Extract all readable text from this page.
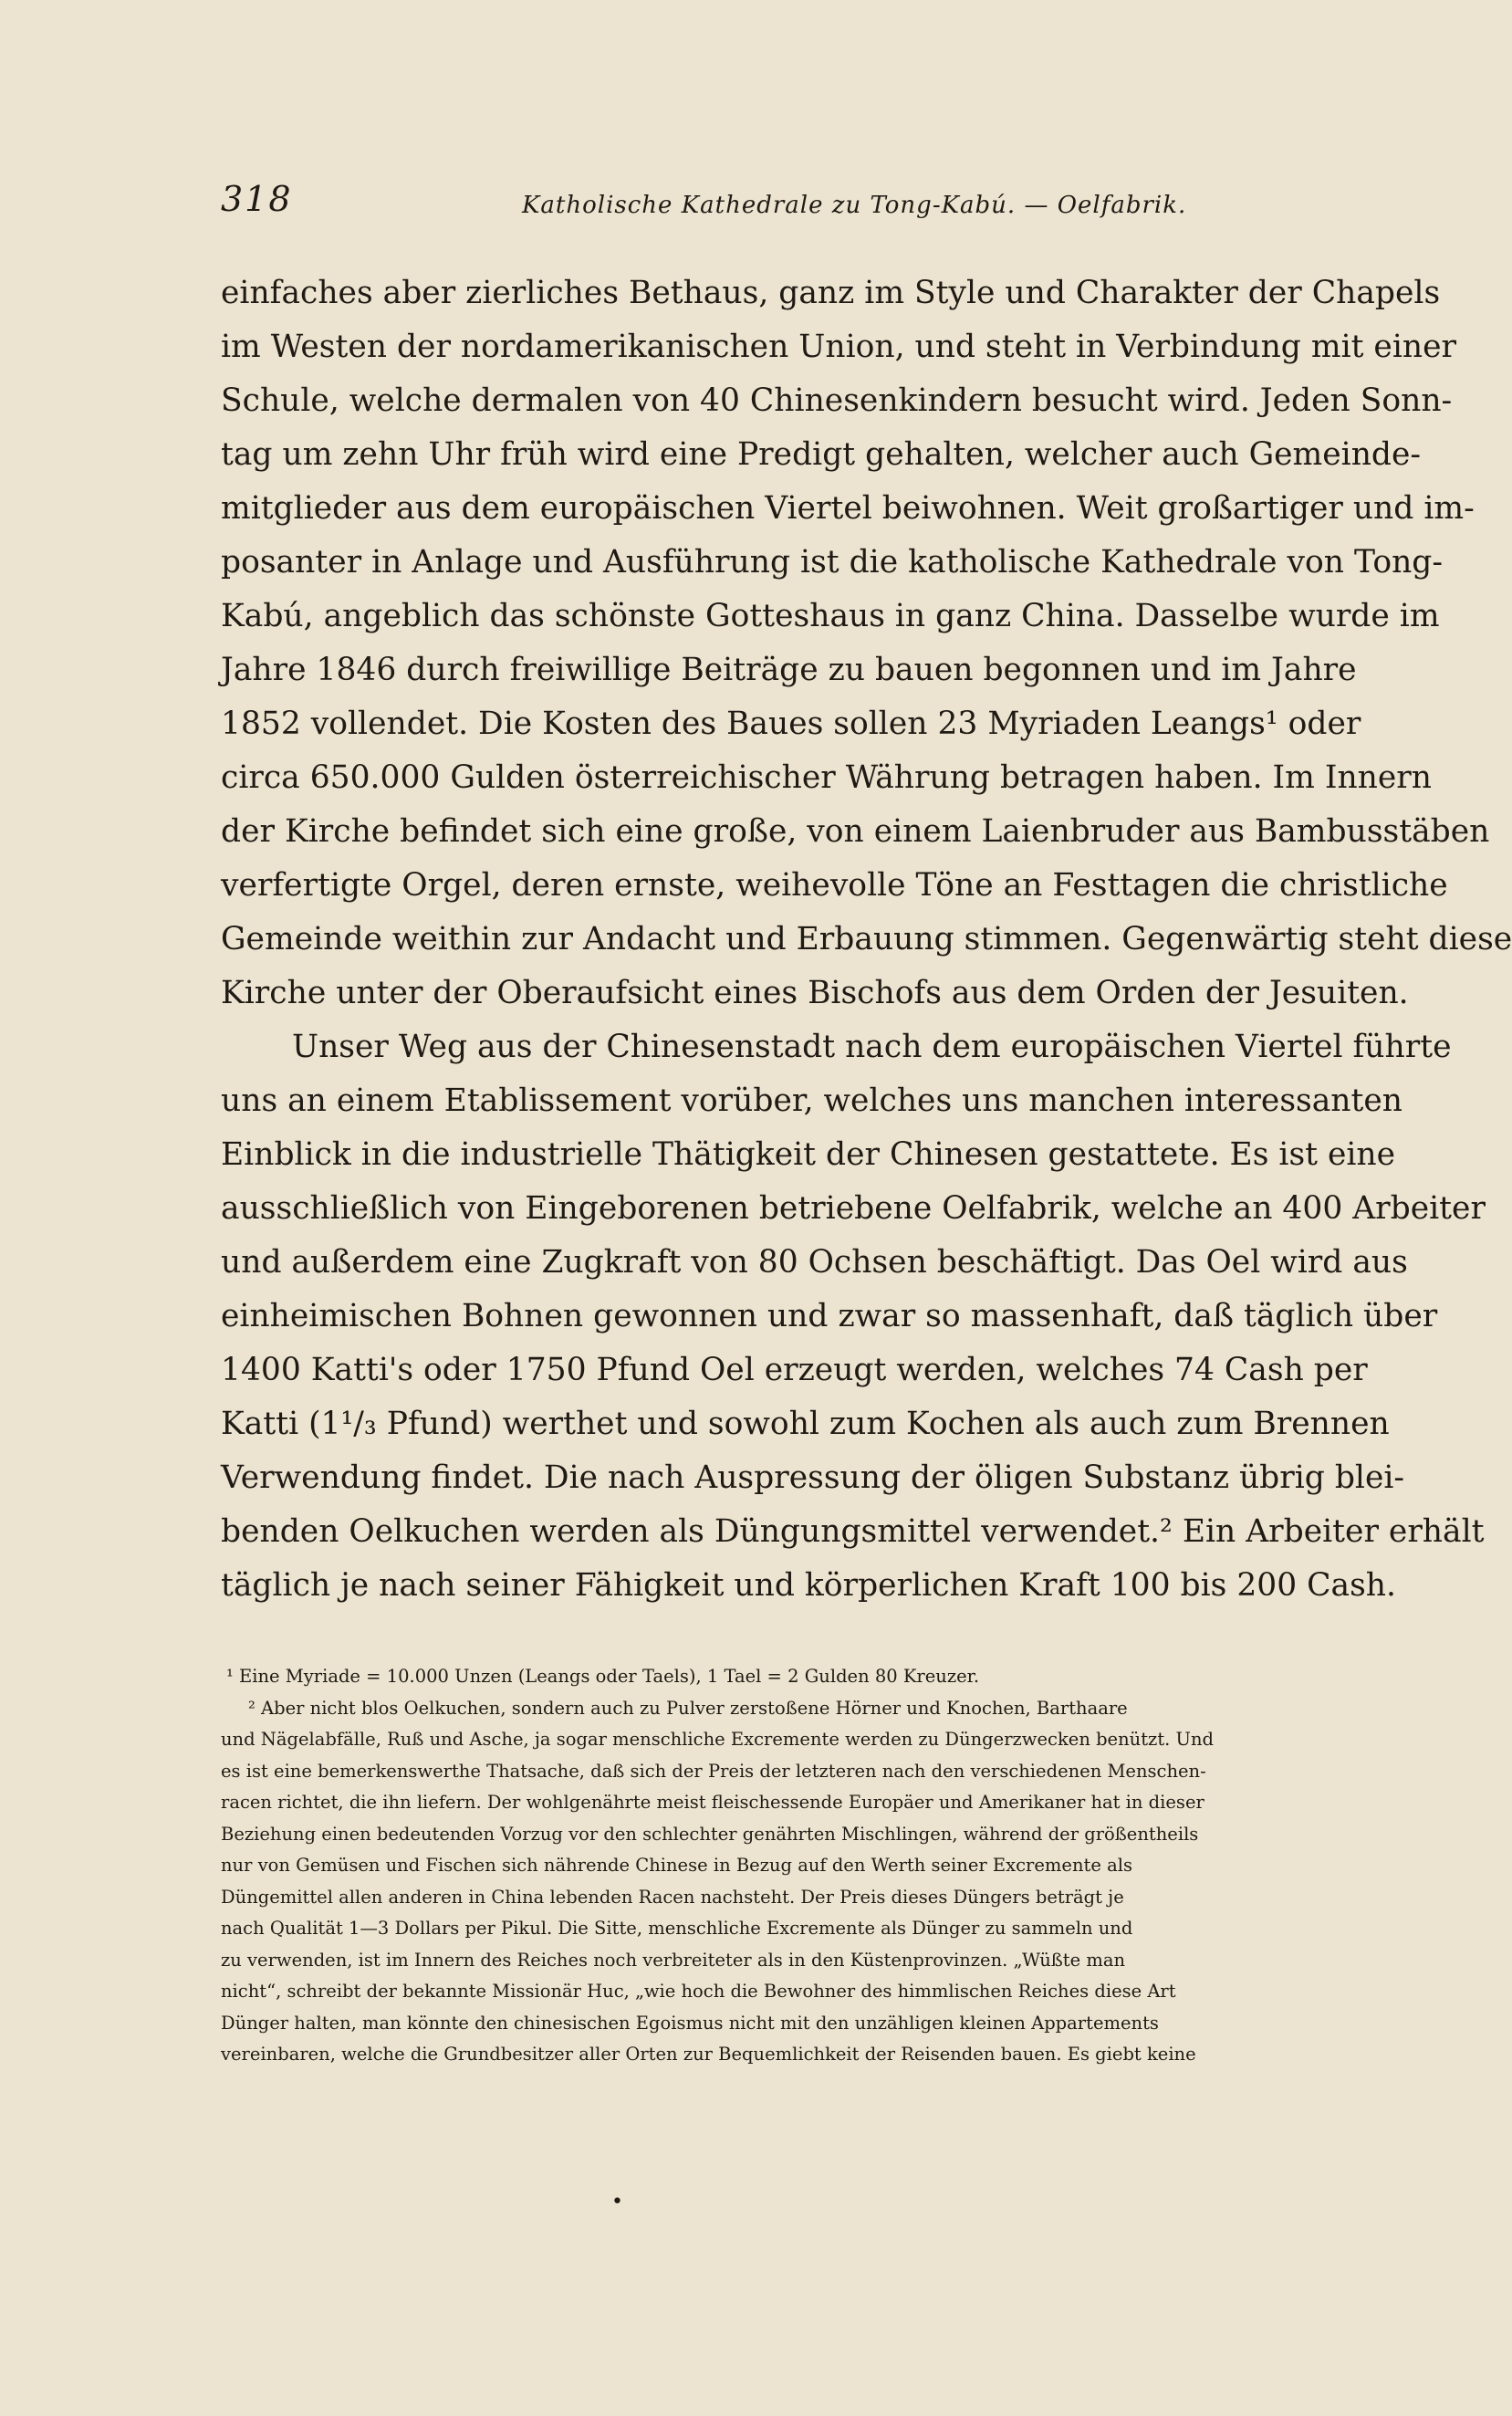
318	Katholische Kathedrale zu Tong-Kabú. — Oelfabrik.
einfaches aber zierliches Bethaus, ganz im Style und Charakter der Chapels
im Westen der nordamerikanischen Union, und steht in Verbindung mit einer
Schule, welche dermalen von 40 Chinesenkindern besucht wird. Jeden Sonn-
tag um zehn Uhr früh wird eine Predigt gehalten, welcher auch Gemeinde-
mitglieder aus dem europäischen Viertel beiwohnen. Weit großartiger und im-
posanter in Anlage und Ausführung ist die katholische Kathedrale von Tong-
Kabú, angeblich das schönste Gotteshaus in ganz China. Dasselbe wurde im
Jahre 1846 durch freiwillige Beiträge zu bauen begonnen und im Jahre
1852 vollendet. Die Kosten des Baues sollen 23 Myriaden Leangs¹ oder
circa 650.000 Gulden österreichischer Währung betragen haben. Im Innern
der Kirche befindet sich eine große, von einem Laienbruder aus Bambusstäben
verfertigte Orgel, deren ernste, weihevolle Töne an Festtagen die christliche
Gemeinde weithin zur Andacht und Erbauung stimmen. Gegenwärtig steht diese
Kirche unter der Oberaufsicht eines Bischofs aus dem Orden der Jesuiten.
Unser Weg aus der Chinesenstadt nach dem europäischen Viertel führte
uns an einem Etablissement vorüber, welches uns manchen interessanten
Einblick in die industrielle Thätigkeit der Chinesen gestattete. Es ist eine
ausschließlich von Eingeborenen betriebene Oelfabrik, welche an 400 Arbeiter
und außerdem eine Zugkraft von 80 Ochsen beschäftigt. Das Oel wird aus
einheimischen Bohnen gewonnen und zwar so massenhaft, daß täglich über
1400 Katti's oder 1750 Pfund Oel erzeugt werden, welches 74 Cash per
Katti (1¹/₃ Pfund) werthet und sowohl zum Kochen als auch zum Brennen
Verwendung findet. Die nach Auspressung der öligen Substanz übrig blei-
benden Oelkuchen werden als Düngungsmittel verwendet.² Ein Arbeiter erhält
täglich je nach seiner Fähigkeit und körperlichen Kraft 100 bis 200 Cash.
¹ Eine Myriade = 10.000 Unzen (Leangs oder Taels), 1 Tael = 2 Gulden 80 Kreuzer.
² Aber nicht blos Oelkuchen, sondern auch zu Pulver zerstoßene Hörner und Knochen, Barthaare
und Nägelabfälle, Ruß und Asche, ja sogar menschliche Excremente werden zu Düngerzwecken benützt. Und
es ist eine bemerkenswerthe Thatsache, daß sich der Preis der letzteren nach den verschiedenen Menschen-
racen richtet, die ihn liefern. Der wohlgenährte meist fleischessende Europäer und Amerikaner hat in dieser
Beziehung einen bedeutenden Vorzug vor den schlechter genährten Mischlingen, während der größentheils
nur von Gemüsen und Fischen sich nährende Chinese in Bezug auf den Werth seiner Excremente als
Düngemittel allen anderen in China lebenden Racen nachsteht. Der Preis dieses Düngers beträgt je
nach Qualität 1—3 Dollars per Pikul. Die Sitte, menschliche Excremente als Dünger zu sammeln und
zu verwenden, ist im Innern des Reiches noch verbreiteter als in den Küstenprovinzen. „Wüßte man
nicht“, schreibt der bekannte Missionär Huc, „wie hoch die Bewohner des himmlischen Reiches diese Art
Dünger halten, man könnte den chinesischen Egoismus nicht mit den unzähligen kleinen Appartements
vereinbaren, welche die Grundbesitzer aller Orten zur Bequemlichkeit der Reisenden bauen. Es giebt keine
•
